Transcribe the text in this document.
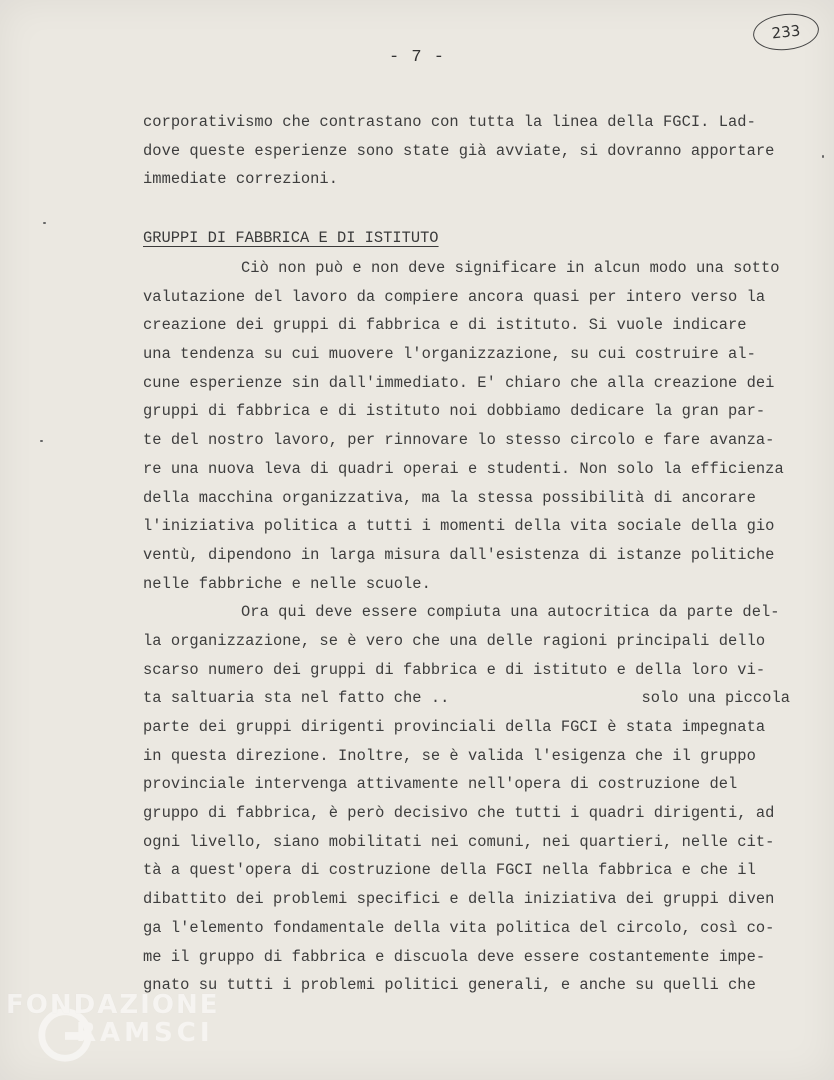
233
- 7 -
corporativismo che contrastano con tutta la linea della FGCI. Lad-
dove queste esperienze sono state già avviate, si dovranno apportare
immediate correzioni.
GRUPPI DI FABBRICA E DI ISTITUTO
Ciò non può e non deve significare in alcun modo una sotto
valutazione del lavoro da compiere ancora quasi per intero verso la
creazione dei gruppi di fabbrica e di istituto. Si vuole indicare
una tendenza su cui muovere l'organizzazione, su cui costruire al-
cune esperienze sin dall'immediato. E' chiaro che alla creazione dei
gruppi di fabbrica e di istituto noi dobbiamo dedicare la gran par-
te del nostro lavoro, per rinnovare lo stesso circolo e fare avanza-
re una nuova leva di quadri operai e studenti. Non solo la efficienza
della macchina organizzativa, ma la stessa possibilità di ancorare
l'iniziativa politica a tutti i momenti della vita sociale della gio
ventù, dipendono in larga misura dall'esistenza di istanze politiche
nelle fabbriche e nelle scuole.
Ora qui deve essere compiuta una autocritica da parte del-
la organizzazione, se è vero che una delle ragioni principali dello
scarso numero dei gruppi di fabbrica e di istituto e della loro vi-
ta saltuaria sta nel fatto che ..	solo una piccola
parte dei gruppi dirigenti provinciali della FGCI è stata impegnata
in questa direzione. Inoltre, se è valida l'esigenza che il gruppo
provinciale intervenga attivamente nell'opera di costruzione del
gruppo di fabbrica, è però decisivo che tutti i quadri dirigenti, ad
ogni livello, siano mobilitati nei comuni, nei quartieri, nelle cit-
tà a quest'opera di costruzione della FGCI nella fabbrica e che il
dibattito dei problemi specifici e della iniziativa dei gruppi diven
ga l'elemento fondamentale della vita politica del circolo, così co-
me il gruppo di fabbrica e discuola deve essere costantemente impe-
gnato su tutti i problemi politici generali, e anche su quelli che
FONDAZIONE
RAMSCI
